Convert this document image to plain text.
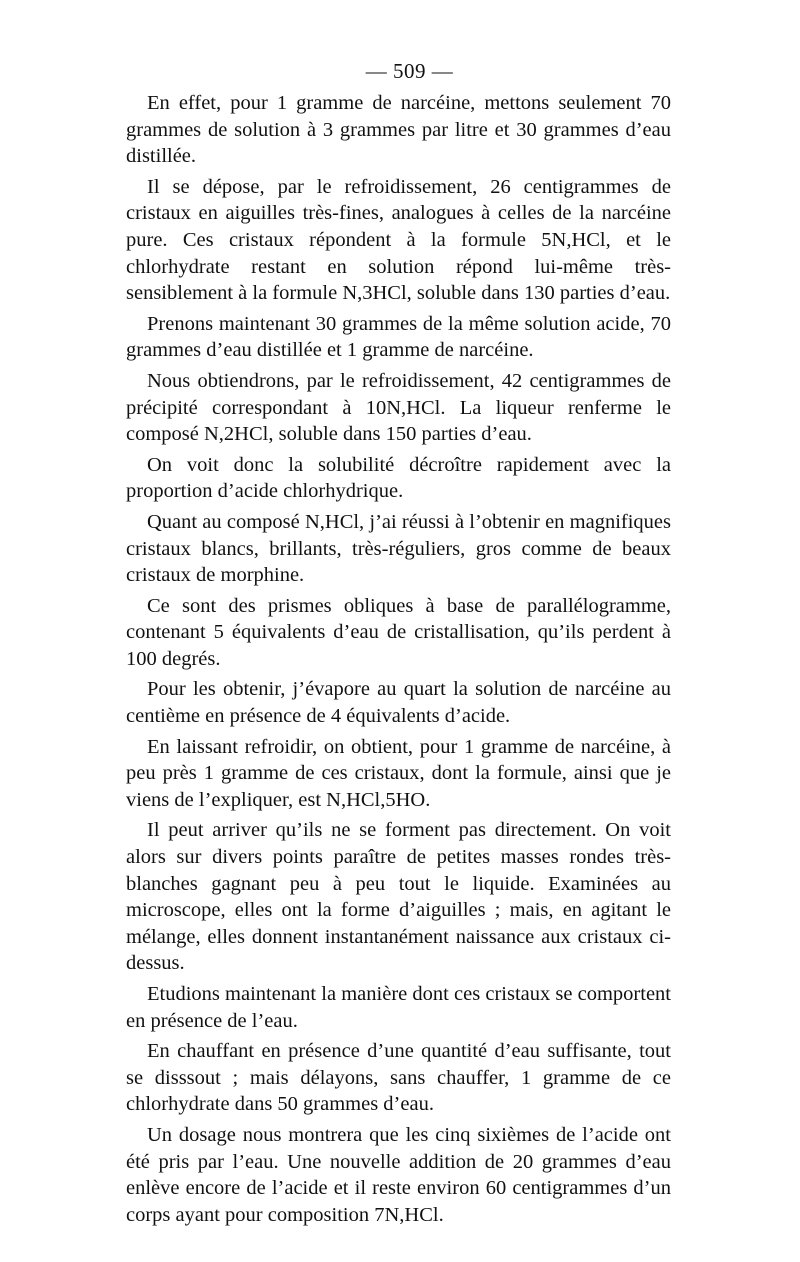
— 509 —

En effet, pour 1 gramme de narcéine, mettons seulement 70 grammes de solution à 3 grammes par litre et 30 grammes d’eau distillée.

Il se dépose, par le refroidissement, 26 centigrammes de cristaux en aiguilles très-fines, analogues à celles de la narcéine pure. Ces cristaux répondent à la formule 5N,HCl, et le chlorhydrate restant en solution répond lui-même très-sensiblement à la formule N,3HCl, soluble dans 130 parties d’eau.

Prenons maintenant 30 grammes de la même solution acide, 70 grammes d’eau distillée et 1 gramme de narcéine.

Nous obtiendrons, par le refroidissement, 42 centigrammes de précipité correspondant à 10N,HCl. La liqueur renferme le composé N,2HCl, soluble dans 150 parties d’eau.

On voit donc la solubilité décroître rapidement avec la proportion d’acide chlorhydrique.

Quant au composé N,HCl, j’ai réussi à l’obtenir en magnifiques cristaux blancs, brillants, très-réguliers, gros comme de beaux cristaux de morphine.

Ce sont des prismes obliques à base de parallélogramme, contenant 5 équivalents d’eau de cristallisation, qu’ils perdent à 100 degrés.

Pour les obtenir, j’évapore au quart la solution de narcéine au centième en présence de 4 équivalents d’acide.

En laissant refroidir, on obtient, pour 1 gramme de narcéine, à peu près 1 gramme de ces cristaux, dont la formule, ainsi que je viens de l’expliquer, est N,HCl,5HO.

Il peut arriver qu’ils ne se forment pas directement. On voit alors sur divers points paraître de petites masses rondes très-blanches gagnant peu à peu tout le liquide. Examinées au microscope, elles ont la forme d’aiguilles ; mais, en agitant le mélange, elles donnent instantanément naissance aux cristaux ci-dessus.

Etudions maintenant la manière dont ces cristaux se comportent en présence de l’eau.

En chauffant en présence d’une quantité d’eau suffisante, tout se disssout ; mais délayons, sans chauffer, 1 gramme de ce chlorhydrate dans 50 grammes d’eau.

Un dosage nous montrera que les cinq sixièmes de l’acide ont été pris par l’eau. Une nouvelle addition de 20 grammes d’eau enlève encore de l’acide et il reste environ 60 centigrammes d’un corps ayant pour composition 7N,HCl.
